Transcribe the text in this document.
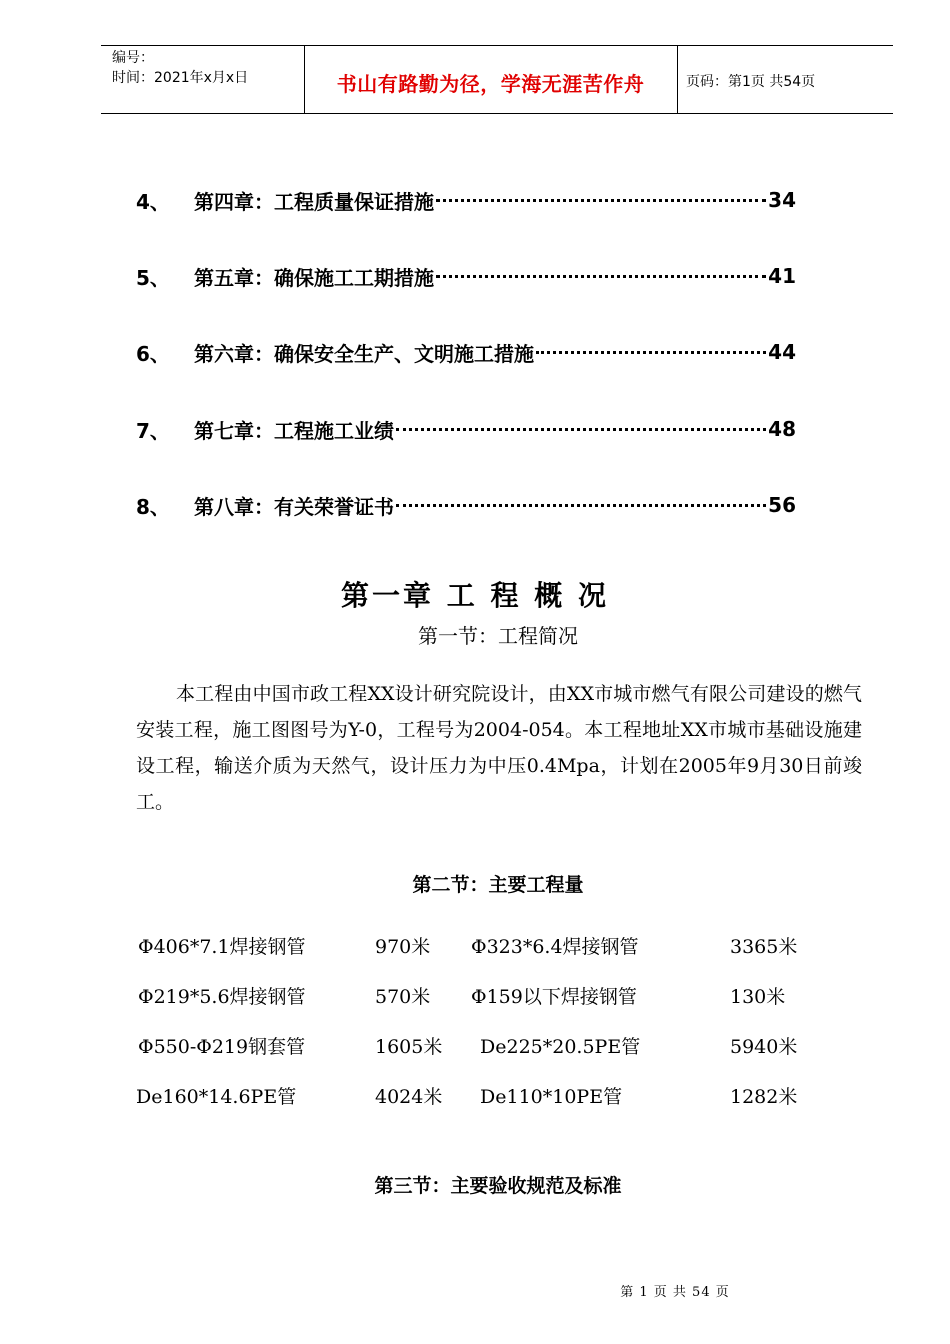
编号：
时间：2021年x月x日	书山有路勤为径，学海无涯苦作舟	页码：第1页 共54页
4、	第四章：工程质量保证措施	34
5、	第五章：确保施工工期措施	41
6、	第六章：确保安全生产、文明施工措施	44
7、	第七章：工程施工业绩	48
8、	第八章：有关荣誉证书	56
第一章 工 程 概 况
第一节：工程简况
本工程由中国市政工程XX设计研究院设计，由XX市城市燃气有限公司建设的燃气安装工程，施工图图号为Y-0，工程号为2004-054。本工程地址XX市城市基础设施建设工程，输送介质为天然气，设计压力为中压0.4Mpa，计划在2005年9月30日前竣工。
第二节：主要工程量
Φ406*7.1焊接钢管	970米 Φ323*6.4焊接钢管	3365米
Φ219*5.6焊接钢管	570米 Φ159以下焊接钢管	130米
Φ550-Φ219钢套管	1605米 De225*20.5PE管	5940米
De160*14.6PE管	4024米 De110*10PE管	1282米
第三节：主要验收规范及标准
第 1 页 共 54 页
